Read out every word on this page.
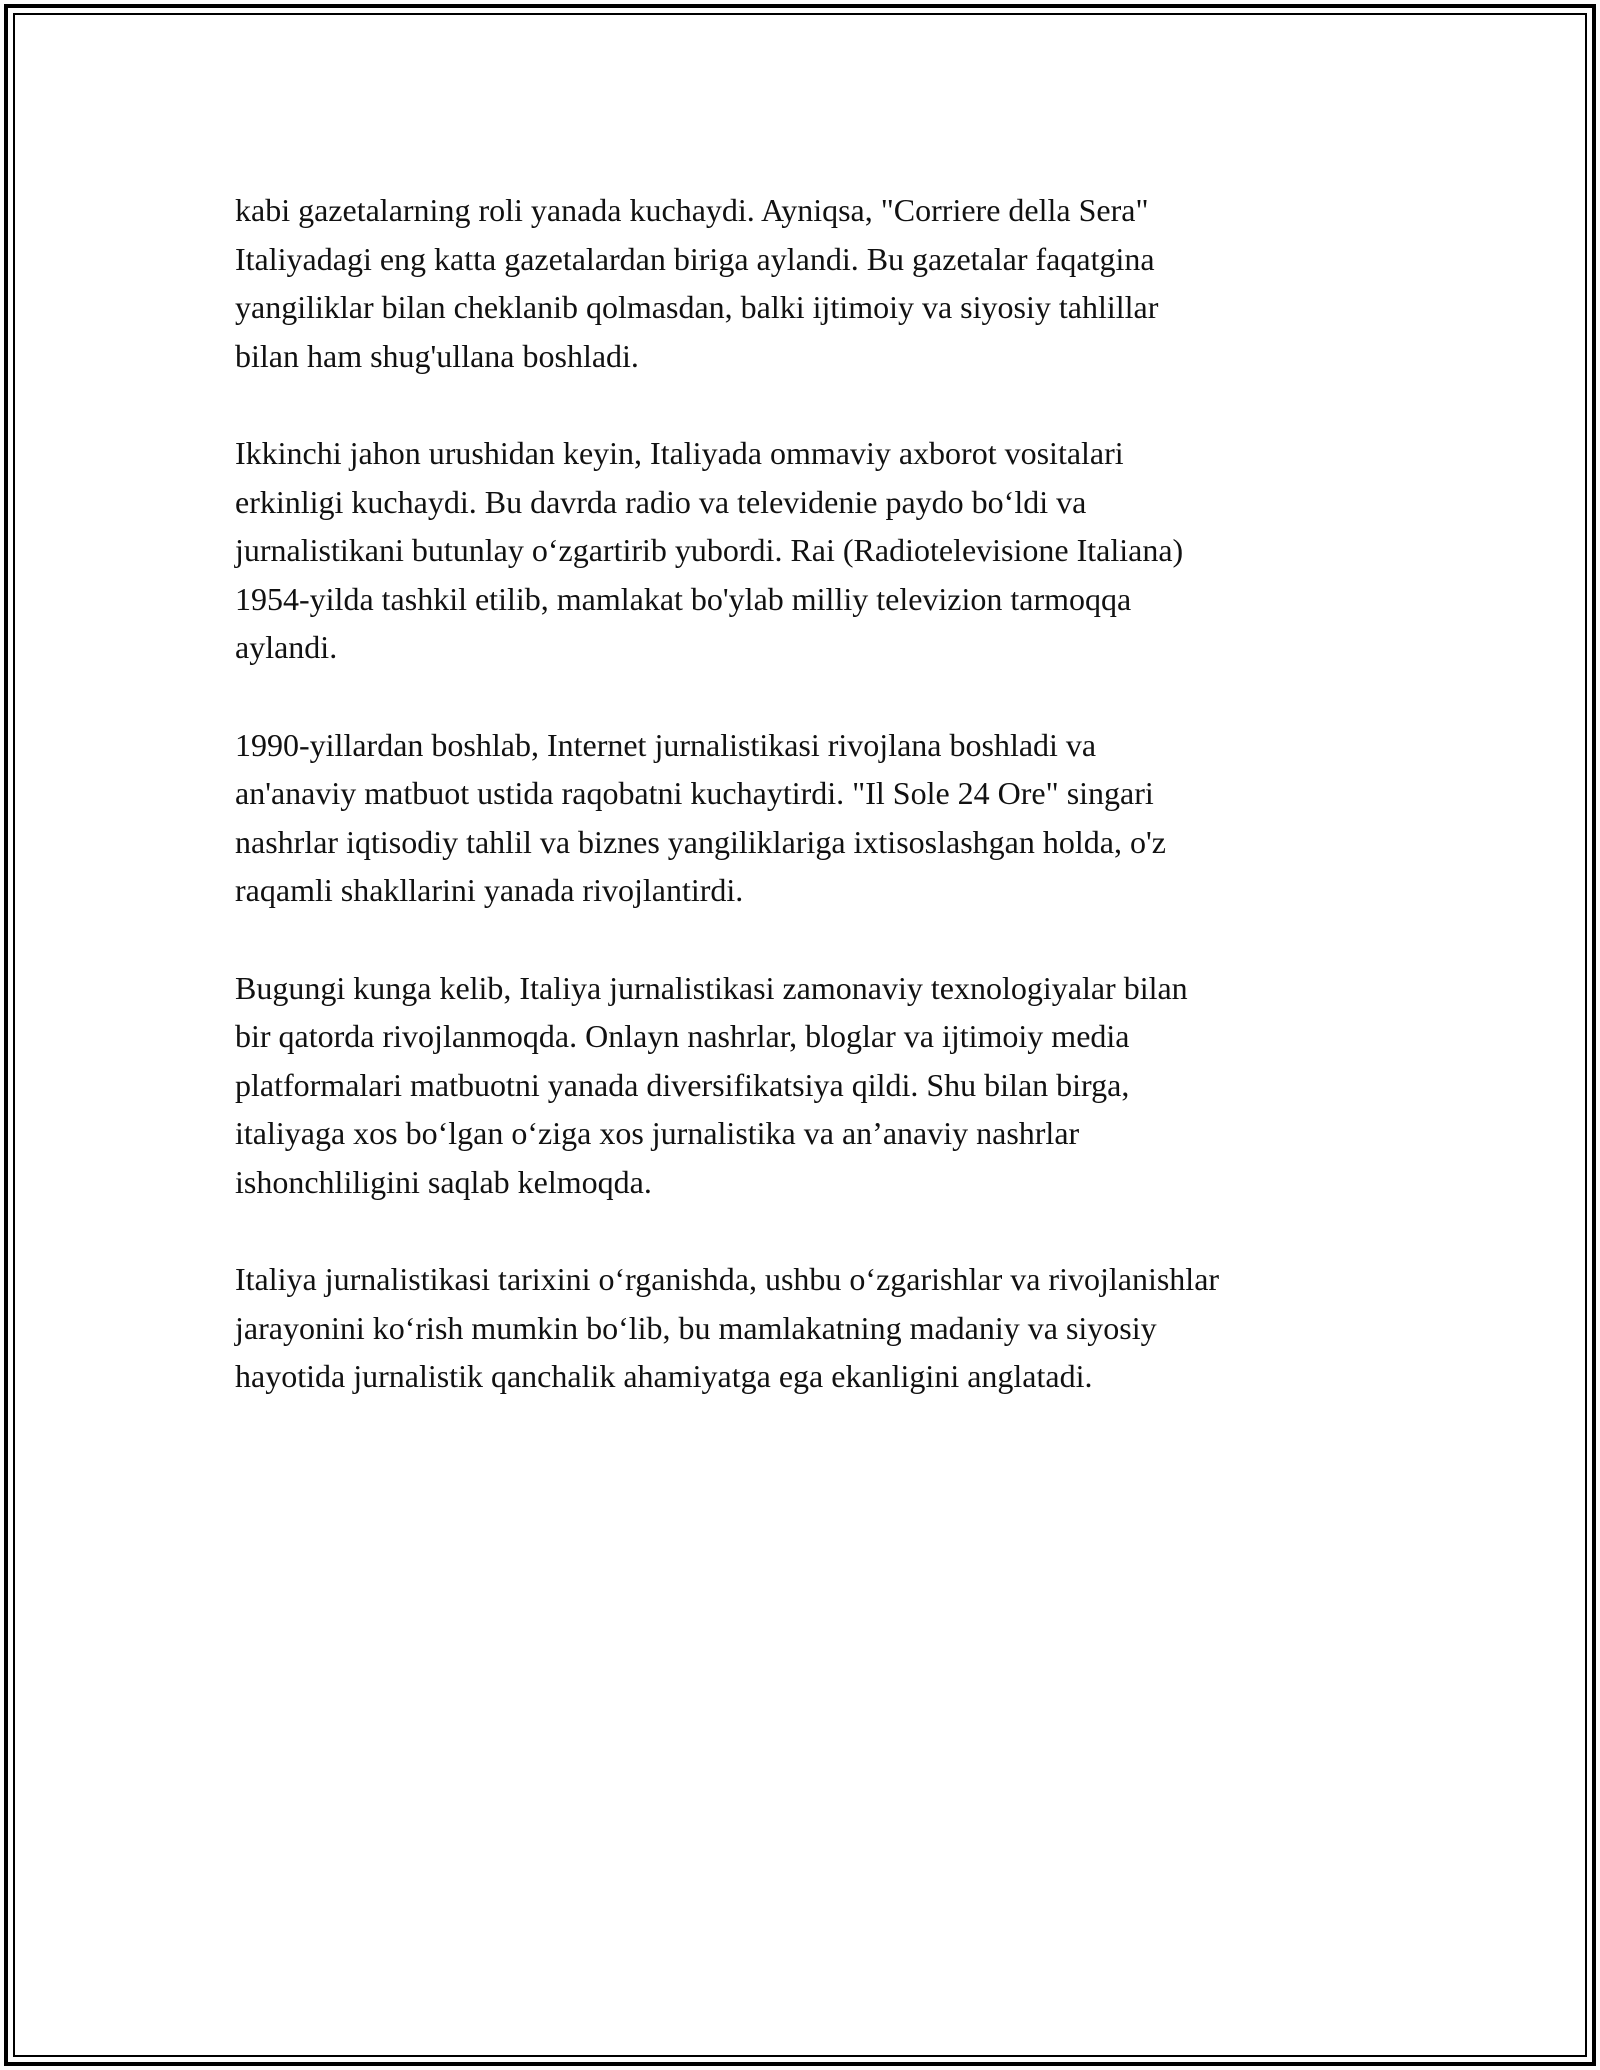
kabi gazetalarning roli yanada kuchaydi. Ayniqsa, "Corriere della Sera"
Italiyadagi eng katta gazetalardan biriga aylandi. Bu gazetalar faqatgina
yangiliklar bilan cheklanib qolmasdan, balki ijtimoiy va siyosiy tahlillar
bilan ham shug'ullana boshladi.

Ikkinchi jahon urushidan keyin, Italiyada ommaviy axborot vositalari
erkinligi kuchaydi. Bu davrda radio va televidenie paydo bo‘ldi va
jurnalistikani butunlay o‘zgartirib yubordi. Rai (Radiotelevisione Italiana)
1954-yilda tashkil etilib, mamlakat bo'ylab milliy televizion tarmoqqa
aylandi.

1990-yillardan boshlab, Internet jurnalistikasi rivojlana boshladi va
an'anaviy matbuot ustida raqobatni kuchaytirdi. "Il Sole 24 Ore" singari
nashrlar iqtisodiy tahlil va biznes yangiliklariga ixtisoslashgan holda, o'z
raqamli shakllarini yanada rivojlantirdi.

Bugungi kunga kelib, Italiya jurnalistikasi zamonaviy texnologiyalar bilan
bir qatorda rivojlanmoqda. Onlayn nashrlar, bloglar va ijtimoiy media
platformalari matbuotni yanada diversifikatsiya qildi. Shu bilan birga,
italiyaga xos bo‘lgan o‘ziga xos jurnalistika va an’anaviy nashrlar
ishonchliligini saqlab kelmoqda.

Italiya jurnalistikasi tarixini o‘rganishda, ushbu o‘zgarishlar va rivojlanishlar
jarayonini ko‘rish mumkin bo‘lib, bu mamlakatning madaniy va siyosiy
hayotida jurnalistik qanchalik ahamiyatga ega ekanligini anglatadi.
